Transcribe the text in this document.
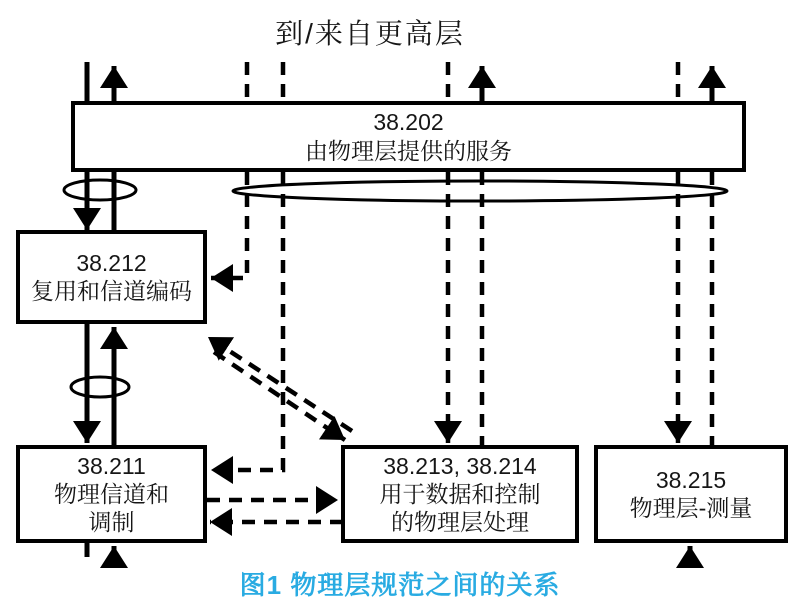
到/来自更高层
38.202
由物理层提供的服务
38.212
复用和信道编码
38.211
物理信道和
调制
38.213, 38.214
用于数据和控制
的物理层处理
38.215
物理层-测量
图1 物理层规范之间的关系
